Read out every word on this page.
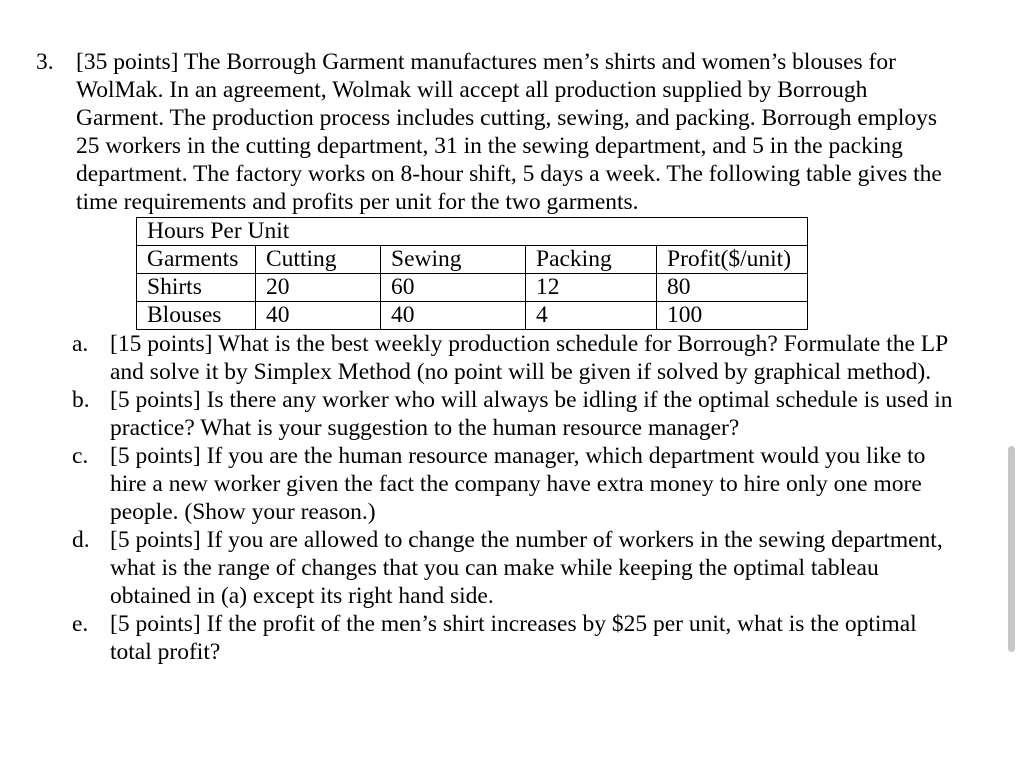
3. [35 points] The Borrough Garment manufactures men’s shirts and women’s blouses for WolMak. In an agreement, Wolmak will accept all production supplied by Borrough Garment. The production process includes cutting, sewing, and packing. Borrough employs 25 workers in the cutting department, 31 in the sewing department, and 5 in the packing department. The factory works on 8-hour shift, 5 days a week. The following table gives the time requirements and profits per unit for the two garments.
Hours Per Unit				
Garments	Cutting	Sewing	Packing	Profit($/unit)
Shirts	20	60	12	80
Blouses	40	40	4	100
a. [15 points] What is the best weekly production schedule for Borrough? Formulate the LP and solve it by Simplex Method (no point will be given if solved by graphical method).
b. [5 points] Is there any worker who will always be idling if the optimal schedule is used in practice? What is your suggestion to the human resource manager?
c. [5 points] If you are the human resource manager, which department would you like to hire a new worker given the fact the company have extra money to hire only one more people. (Show your reason.)
d. [5 points] If you are allowed to change the number of workers in the sewing department, what is the range of changes that you can make while keeping the optimal tableau obtained in (a) except its right hand side.
e. [5 points] If the profit of the men’s shirt increases by $25 per unit, what is the optimal total profit?
